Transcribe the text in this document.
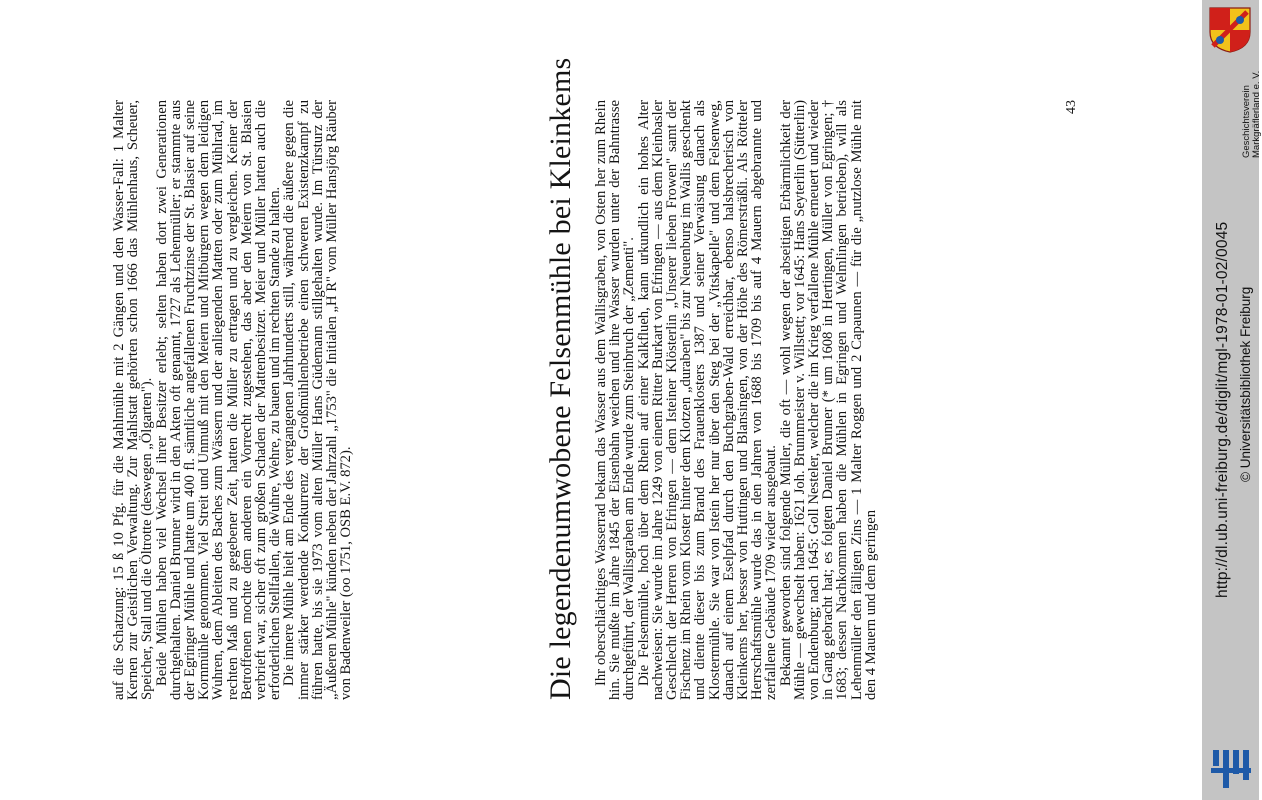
auf die Schatzung: 15 ß 10 Pfg. für die Mahlmühle mit 2 Gängen und den Wasser-Fall: 1 Malter Kernen zur Geistlichen Verwaltung. Zur Mahlstatt gehörten schon 1666 das Mühlenhaus, Scheuer, Speicher, Stall und die Öltrotte (deswegen „Ölgarten").

Beide Mühlen haben viel Wechsel ihrer Besitzer erlebt; selten haben dort zwei Generationen durchgehalten. Daniel Brunner wird in den Akten oft genannt, 1727 als Lehenmüller; er stammte aus der Egringer Mühle und hatte um 400 fl. sämtliche angefallenen Fruchtzinse der St. Blasier auf seine Kornmühle genommen. Viel Streit und Unmuß mit den Meiern und Mitbürgern wegen dem leidigen Wuhren, dem Ableiten des Baches zum Wässern und der anliegenden Matten oder zum Mühlrad, im rechten Maß und zu gegebener Zeit, hatten die Müller zu ertragen und zu vergleichen. Keiner der Betroffenen mochte dem anderen ein Vorrecht zugestehen, das aber den Meiern von St. Blasien verbrieft war, sicher oft zum großen Schaden der Mattenbesitzer. Meier und Müller hatten auch die erforderlichen Stellfallen, die Wuhre, Wehre, zu bauen und im rechten Stande zu halten.

Die innere Mühle hielt am Ende des vergangenen Jahrhunderts still, während die äußere gegen die immer stärker werdende Konkurrenz der Großmühlenbetriebe einen schweren Existenzkampf zu führen hatte, bis sie 1973 vom alten Müller Hans Güdemann stillgehalten wurde. Im Türsturz der „Äußeren Mühle" künden neben der Jahrzahl „1753" die Initialen „H R" vom Müller Hansjörg Räuber von Badenweiler (oo 1751, OSB E.V. 872).	Die legendenumwobene Felsenmühle bei Kleinkems Ihr oberschlächtiges Wasserrad bekam das Wasser aus dem Wallisgraben, von Osten her zum Rhein hin. Sie mußte im Jahre 1845 der Eisenbahn weichen und ihre Wasser wurden unter der Bahntrasse durchgeführt, der Wallisgraben am Ende wurde zum Steinbruch der „Zementi".

Die Felsenmühle, hoch über dem Rhein auf einer Kalkflueh, kann urkundlich ein hohes Alter nachweisen: Sie wurde im Jahre 1249 von einem Ritter Burkart von Efringen — aus dem Kleinbasler Geschlecht der Herren von Efringen — dem Isteiner Klösterlin „Unserer lieben Frowen" samt der Fischenz im Rhein vom Kloster hinter dem Klotzen „duraben" bis zur Neuenburg im Wallis geschenkt und diente dieser bis zum Brand des Frauenklosters 1387 und seiner Verwaisung danach als Klostermühle. Sie war von Istein her nur über den Steg bei der „Vitskapelle" und dem Felsenweg, danach auf einem Eselpfad durch den Buchgraben-Wald erreichbar, ebenso halsbrecherisch von Kleinkems her, besser von Huttingen und Blansingen, von der Höhe des Römersträßli. Als Rötteler Herrschaftsmühle wurde das in den Jahren von 1688 bis 1709 bis auf 4 Mauern abgebrannte und zerfallene Gebäude 1709 wieder ausgebaut.

Bekannt geworden sind folgende Müller, die oft — wohl wegen der abseitigen Erbärmlichkeit der Mühle — gewechselt haben: 1621 Joh. Brunnmeister v. Willstett; vor 1645: Hans Seyterlin (Sütterlin) von Endenburg; nach 1645: Goll Nesteler, welcher die im Krieg verfallene Mühle erneuert und wieder in Gang gebracht hat; es folgten Daniel Brunner (* um 1608 in Hertingen, Müller von Egringen; † 1683; dessen Nachkommen haben die Mühlen in Egringen und Welmlingen betrieben), will als Lehenmüller den fälligen Zins — 1 Malter Roggen und 2 Capaunen — für die „nutzlose Mühle mit den 4 Mauern und dem geringen

43
http://dl.ub.uni-freiburg.de/diglit/mgl-1978-01-02/0045 © Universitätsbibliothek Freiburg
Geschichtsverein Markgräflerland e. V.
